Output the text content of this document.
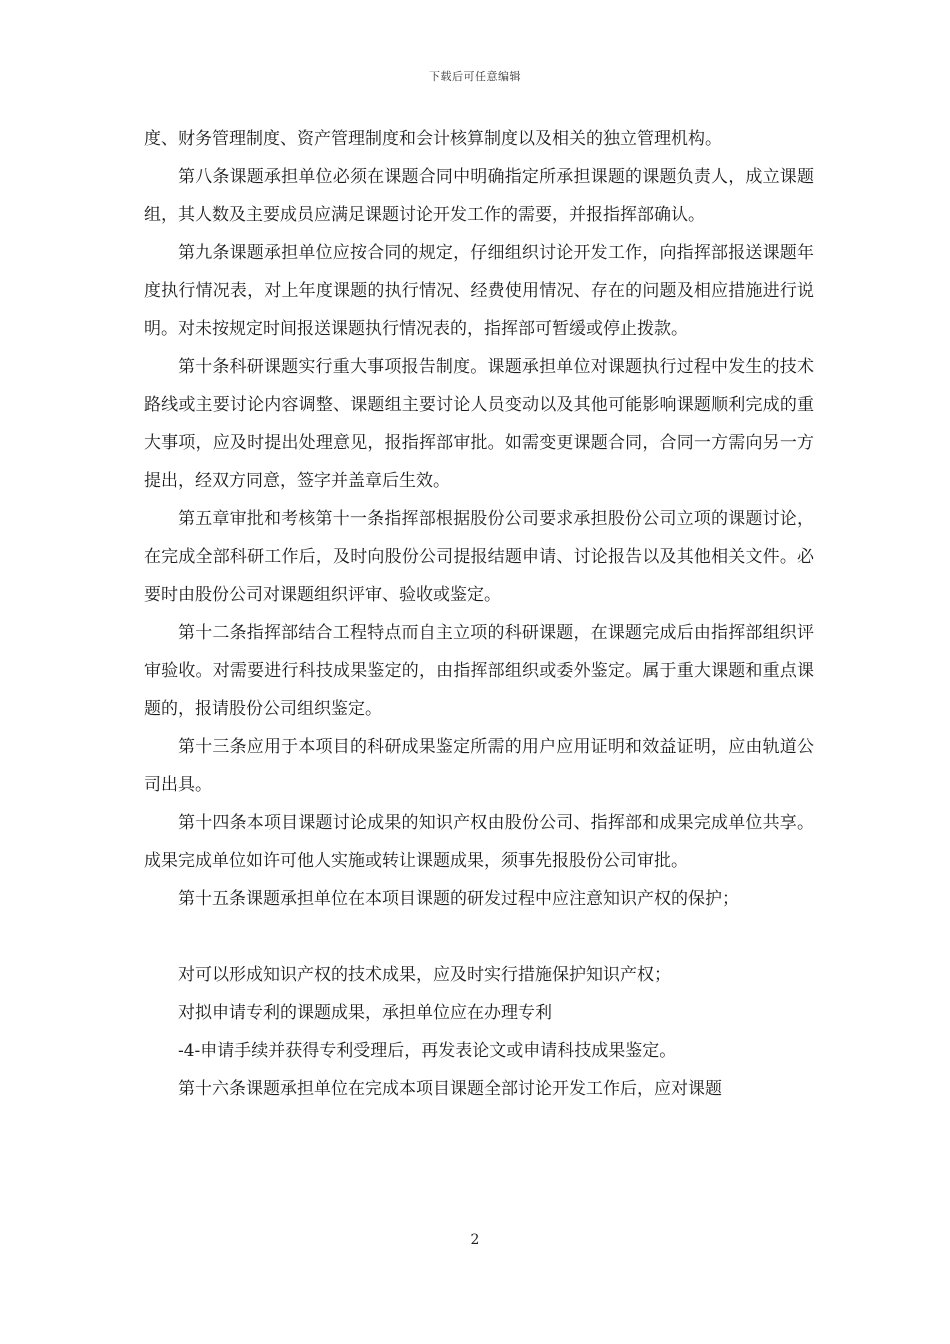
下载后可任意编辑

度、财务管理制度、资产管理制度和会计核算制度以及相关的独立管理机构。

第八条课题承担单位必须在课题合同中明确指定所承担课题的课题负责人，成立课题组，其人数及主要成员应满足课题讨论开发工作的需要，并报指挥部确认。

第九条课题承担单位应按合同的规定，仔细组织讨论开发工作，向指挥部报送课题年度执行情况表，对上年度课题的执行情况、经费使用情况、存在的问题及相应措施进行说明。对未按规定时间报送课题执行情况表的，指挥部可暂缓或停止拨款。

第十条科研课题实行重大事项报告制度。课题承担单位对课题执行过程中发生的技术路线或主要讨论内容调整、课题组主要讨论人员变动以及其他可能影响课题顺利完成的重大事项，应及时提出处理意见，报指挥部审批。如需变更课题合同，合同一方需向另一方提出，经双方同意，签字并盖章后生效。

第五章审批和考核第十一条指挥部根据股份公司要求承担股份公司立项的课题讨论，在完成全部科研工作后，及时向股份公司提报结题申请、讨论报告以及其他相关文件。必要时由股份公司对课题组织评审、验收或鉴定。

第十二条指挥部结合工程特点而自主立项的科研课题，在课题完成后由指挥部组织评审验收。对需要进行科技成果鉴定的，由指挥部组织或委外鉴定。属于重大课题和重点课题的，报请股份公司组织鉴定。

第十三条应用于本项目的科研成果鉴定所需的用户应用证明和效益证明，应由轨道公司出具。

第十四条本项目课题讨论成果的知识产权由股份公司、指挥部和成果完成单位共享。成果完成单位如许可他人实施或转让课题成果，须事先报股份公司审批。

第十五条课题承担单位在本项目课题的研发过程中应注意知识产权的保护；

对可以形成知识产权的技术成果，应及时实行措施保护知识产权；

对拟申请专利的课题成果，承担单位应在办理专利

-4-申请手续并获得专利受理后，再发表论文或申请科技成果鉴定。

第十六条课题承担单位在完成本项目课题全部讨论开发工作后，应对课题

2
